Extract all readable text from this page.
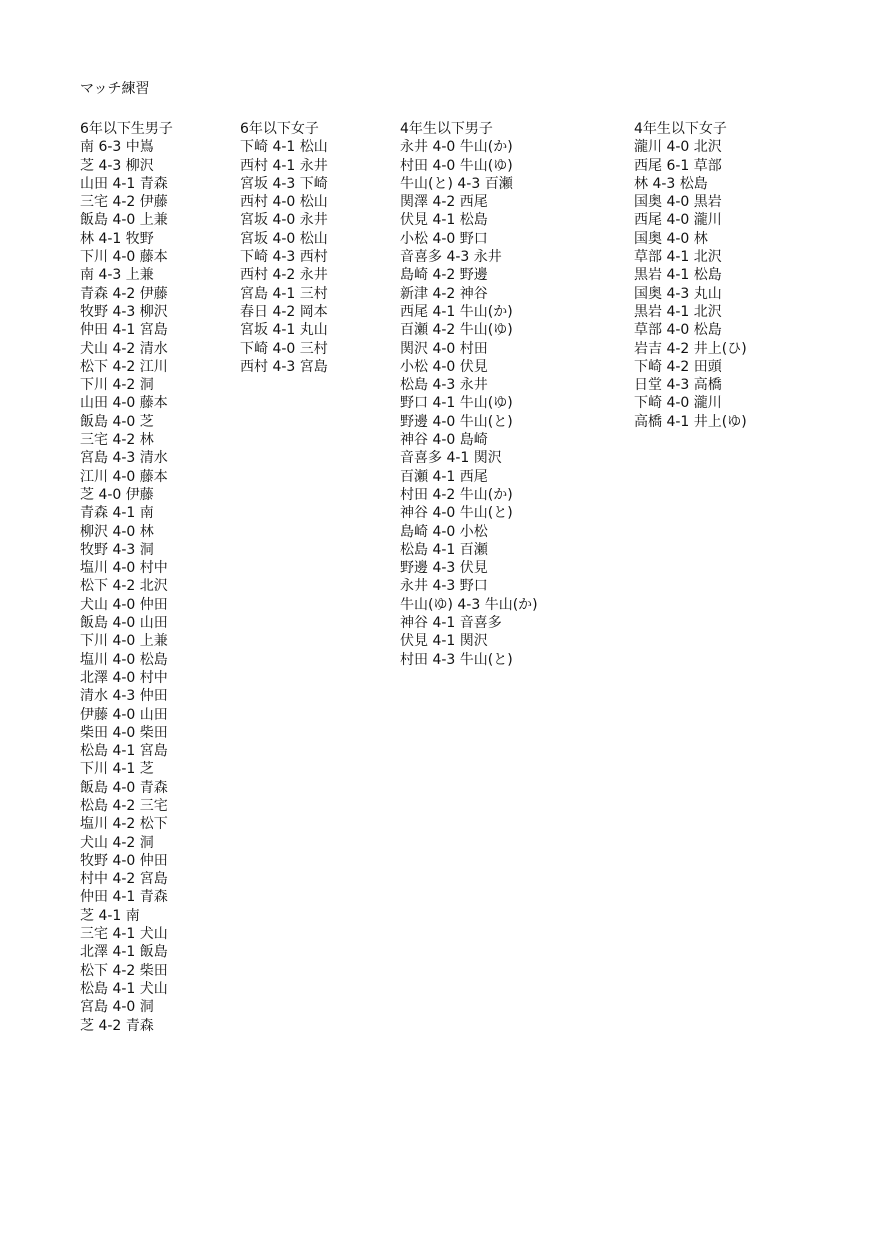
マッチ練習
6年以下生男子
南 6-3 中嶌
芝 4-3 柳沢
山田 4-1 青森
三宅 4-2 伊藤
飯島 4-0 上兼
林 4-1 牧野
下川 4-0 藤本
南 4-3 上兼
青森 4-2 伊藤
牧野 4-3 柳沢
仲田 4-1 宮島
犬山 4-2 清水
松下 4-2 江川
下川 4-2 洞
山田 4-0 藤本
飯島 4-0 芝
三宅 4-2 林
宮島 4-3 清水
江川 4-0 藤本
芝 4-0 伊藤
青森 4-1 南
柳沢 4-0 林
牧野 4-3 洞
塩川 4-0 村中
松下 4-2 北沢
犬山 4-0 仲田
飯島 4-0 山田
下川 4-0 上兼
塩川 4-0 松島
北澤 4-0 村中
清水 4-3 仲田
伊藤 4-0 山田
柴田 4-0 柴田
松島 4-1 宮島
下川 4-1 芝
飯島 4-0 青森
松島 4-2 三宅
塩川 4-2 松下
犬山 4-2 洞
牧野 4-0 仲田
村中 4-2 宮島
仲田 4-1 青森
芝 4-1 南
三宅 4-1 犬山
北澤 4-1 飯島
松下 4-2 柴田
松島 4-1 犬山
宮島 4-0 洞
芝 4-2 青森
6年以下女子
下崎 4-1 松山
西村 4-1 永井
宮坂 4-3 下崎
西村 4-0 松山
宮坂 4-0 永井
宮坂 4-0 松山
下崎 4-3 西村
西村 4-2 永井
宮島 4-1 三村
春日 4-2 岡本
宮坂 4-1 丸山
下崎 4-0 三村
西村 4-3 宮島
4年生以下男子
永井 4-0 牛山(か)
村田 4-0 牛山(ゆ)
牛山(と) 4-3 百瀬
関澤 4-2 西尾
伏見 4-1 松島
小松 4-0 野口
音喜多 4-3 永井
島崎 4-2 野邊
新津 4-2 神谷
西尾 4-1 牛山(か)
百瀬 4-2 牛山(ゆ)
関沢 4-0 村田
小松 4-0 伏見
松島 4-3 永井
野口 4-1 牛山(ゆ)
野邊 4-0 牛山(と)
神谷 4-0 島崎
音喜多 4-1 関沢
百瀬 4-1 西尾
村田 4-2 牛山(か)
神谷 4-0 牛山(と)
島崎 4-0 小松
松島 4-1 百瀬
野邊 4-3 伏見
永井 4-3 野口
牛山(ゆ) 4-3 牛山(か)
神谷 4-1 音喜多
伏見 4-1 関沢
村田 4-3 牛山(と)
4年生以下女子
瀧川 4-0 北沢
西尾 6-1 草部
林 4-3 松島
国奥 4-0 黒岩
西尾 4-0 瀧川
国奥 4-0 林
草部 4-1 北沢
黒岩 4-1 松島
国奥 4-3 丸山
黒岩 4-1 北沢
草部 4-0 松島
岩吉 4-2 井上(ひ)
下崎 4-2 田頭
日堂 4-3 高橋
下崎 4-0 瀧川
高橋 4-1 井上(ゆ)
